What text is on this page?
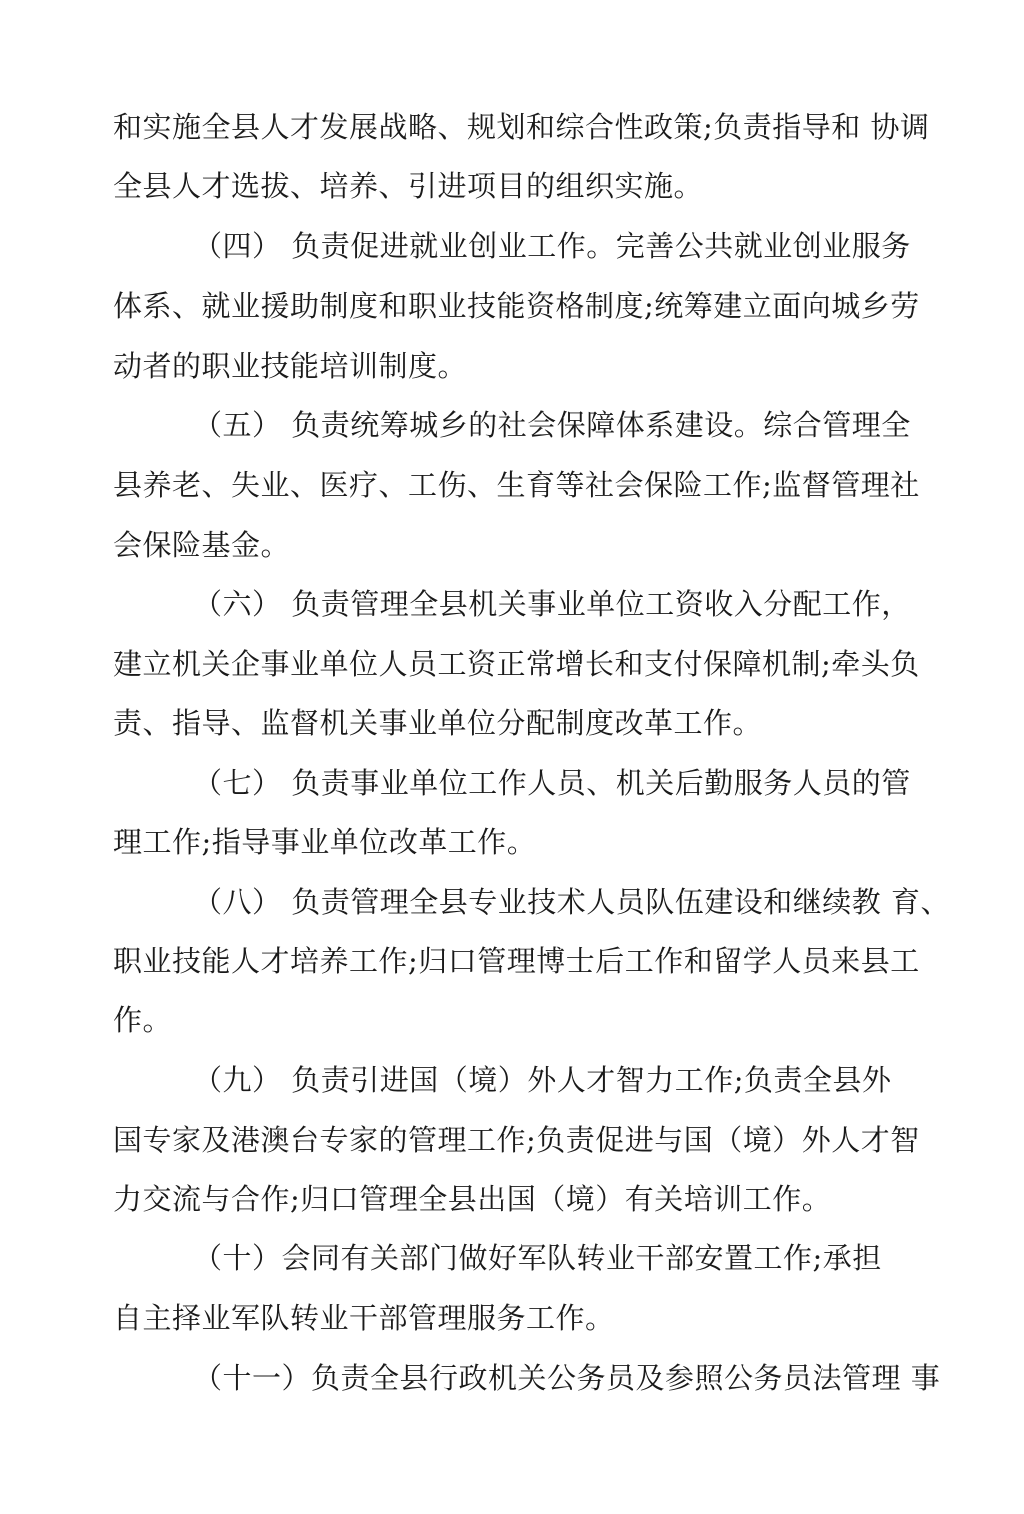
和实施全县人才发展战略、规划和综合性政策;负责指导和 协调

全县人才选拔、培养、引进项目的组织实施。

（四） 负责促进就业创业工作。完善公共就业创业服务

体系、就业援助制度和职业技能资格制度;统筹建立面向城乡劳

动者的职业技能培训制度。

（五） 负责统筹城乡的社会保障体系建设。综合管理全

县养老、失业、医疗、工伤、生育等社会保险工作;监督管理社

会保险基金。

（六） 负责管理全县机关事业单位工资收入分配工作，

建立机关企事业单位人员工资正常增长和支付保障机制;牵头负

责、指导、监督机关事业单位分配制度改革工作。

（七） 负责事业单位工作人员、机关后勤服务人员的管

理工作;指导事业单位改革工作。

（八） 负责管理全县专业技术人员队伍建设和继续教 育、

职业技能人才培养工作;归口管理博士后工作和留学人员来县工

作。

（九） 负责引进国（境）外人才智力工作;负责全县外

国专家及港澳台专家的管理工作;负责促进与国（境）外人才智

力交流与合作;归口管理全县出国（境）有关培训工作。

（十）会同有关部门做好军队转业干部安置工作;承担

自主择业军队转业干部管理服务工作。

（十一）负责全县行政机关公务员及参照公务员法管理 事
